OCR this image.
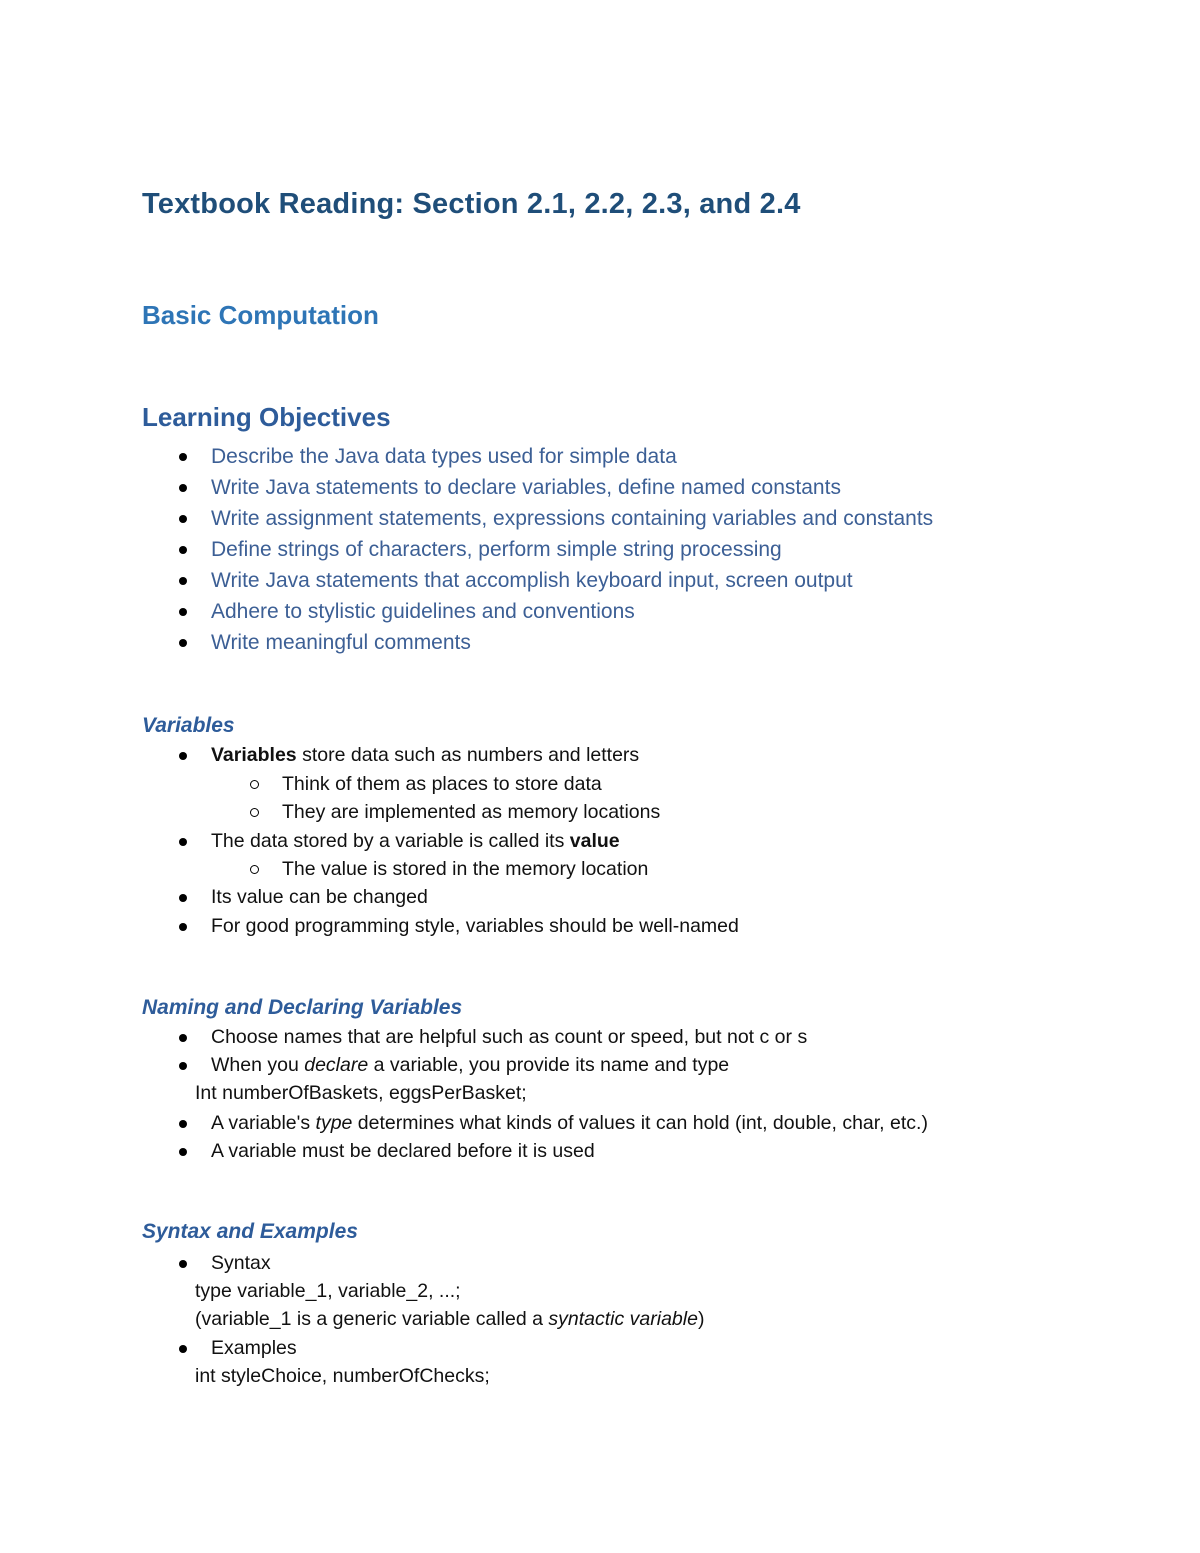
Textbook Reading: Section 2.1, 2.2, 2.3, and 2.4
Basic Computation
Learning Objectives
Describe the Java data types used for simple data
Write Java statements to declare variables, define named constants
Write assignment statements, expressions containing variables and constants
Define strings of characters, perform simple string processing
Write Java statements that accomplish keyboard input, screen output
Adhere to stylistic guidelines and conventions
Write meaningful comments
Variables
Variables store data such as numbers and letters
Think of them as places to store data
They are implemented as memory locations
The data stored by a variable is called its value
The value is stored in the memory location
Its value can be changed
For good programming style, variables should be well-named
Naming and Declaring Variables
Choose names that are helpful such as count or speed, but not c or s
When you declare a variable, you provide its name and type
Int numberOfBaskets, eggsPerBasket;
A variable's type determines what kinds of values it can hold (int, double, char, etc.)
A variable must be declared before it is used
Syntax and Examples
Syntax
type variable_1, variable_2, ...;
(variable_1 is a generic variable called a syntactic variable)
Examples
int styleChoice, numberOfChecks;
